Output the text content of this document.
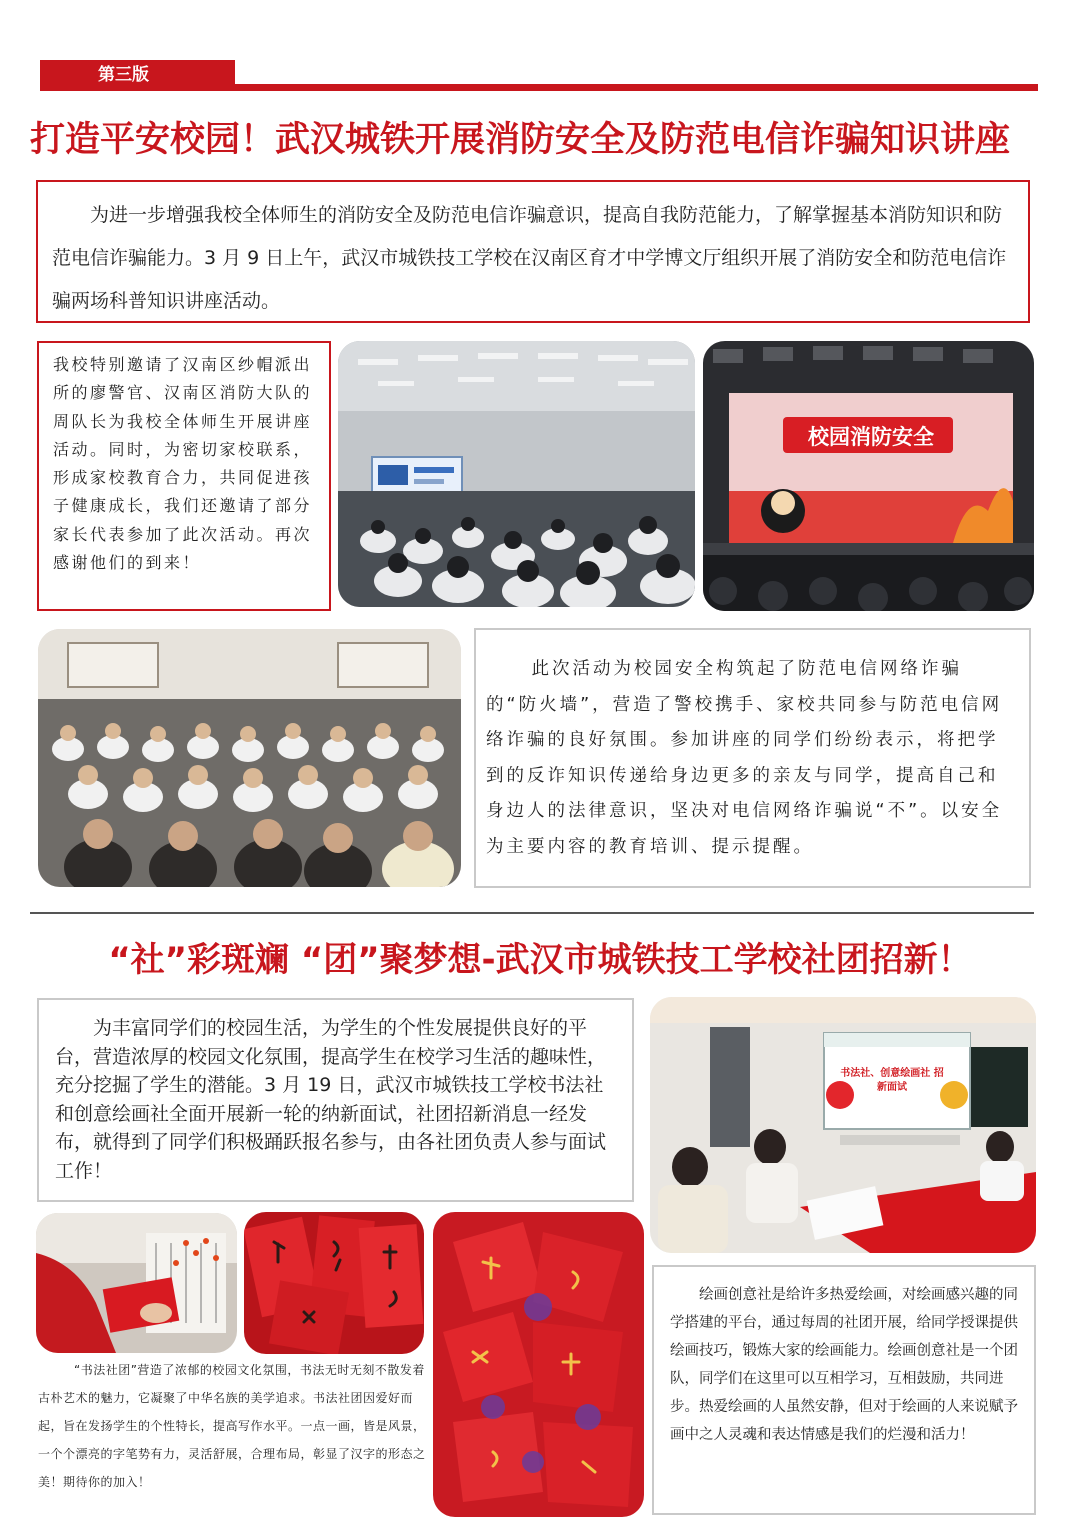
第三版
打造平安校园！武汉城铁开展消防安全及防范电信诈骗知识讲座
为进一步增强我校全体师生的消防安全及防范电信诈骗意识，提高自我防范能力，了解掌握基本消防知识和防范电信诈骗能力。3 月 9 日上午，武汉市城铁技工学校在汉南区育才中学博文厅组织开展了消防安全和防范电信诈骗两场科普知识讲座活动。
我校特别邀请了汉南区纱帽派出所的廖警官、汉南区消防大队的周队长为我校全体师生开展讲座活动。同时，为密切家校联系，形成家校教育合力，共同促进孩子健康成长，我们还邀请了部分家长代表参加了此次活动。再次感谢他们的到来！
校园消防安全
此次活动为校园安全构筑起了防范电信网络诈骗的“防火墙”，营造了警校携手、家校共同参与防范电信网络诈骗的良好氛围。参加讲座的同学们纷纷表示，将把学到的反诈知识传递给身边更多的亲友与同学，提高自己和身边人的法律意识，坚决对电信网络诈骗说“不”。以安全为主要内容的教育培训、提示提醒。
“社”彩斑斓 “团”聚梦想-武汉市城铁技工学校社团招新！
为丰富同学们的校园生活，为学生的个性发展提供良好的平台，营造浓厚的校园文化氛围，提高学生在校学习生活的趣味性，充分挖掘了学生的潜能。3 月 19 日，武汉市城铁技工学校书法社和创意绘画社全面开展新一轮的纳新面试，社团招新消息一经发布，就得到了同学们积极踊跃报名参与，由各社团负责人参与面试工作！
书法社、创意绘画社 招新面试
“书法社团”营造了浓郁的校园文化氛围，书法无时无刻不散发着古朴艺术的魅力，它凝聚了中华名族的美学追求。书法社团因爱好而起，旨在发扬学生的个性特长，提高写作水平。一点一画，皆是风景，一个个漂亮的字笔势有力，灵活舒展，合理布局，彰显了汉字的形态之美！期待你的加入！
绘画创意社是给许多热爱绘画，对绘画感兴趣的同学搭建的平台，通过每周的社团开展，给同学授课提供绘画技巧，锻炼大家的绘画能力。绘画创意社是一个团队，同学们在这里可以互相学习，互相鼓励，共同进步。热爱绘画的人虽然安静，但对于绘画的人来说赋予画中之人灵魂和表达情感是我们的烂漫和活力！
